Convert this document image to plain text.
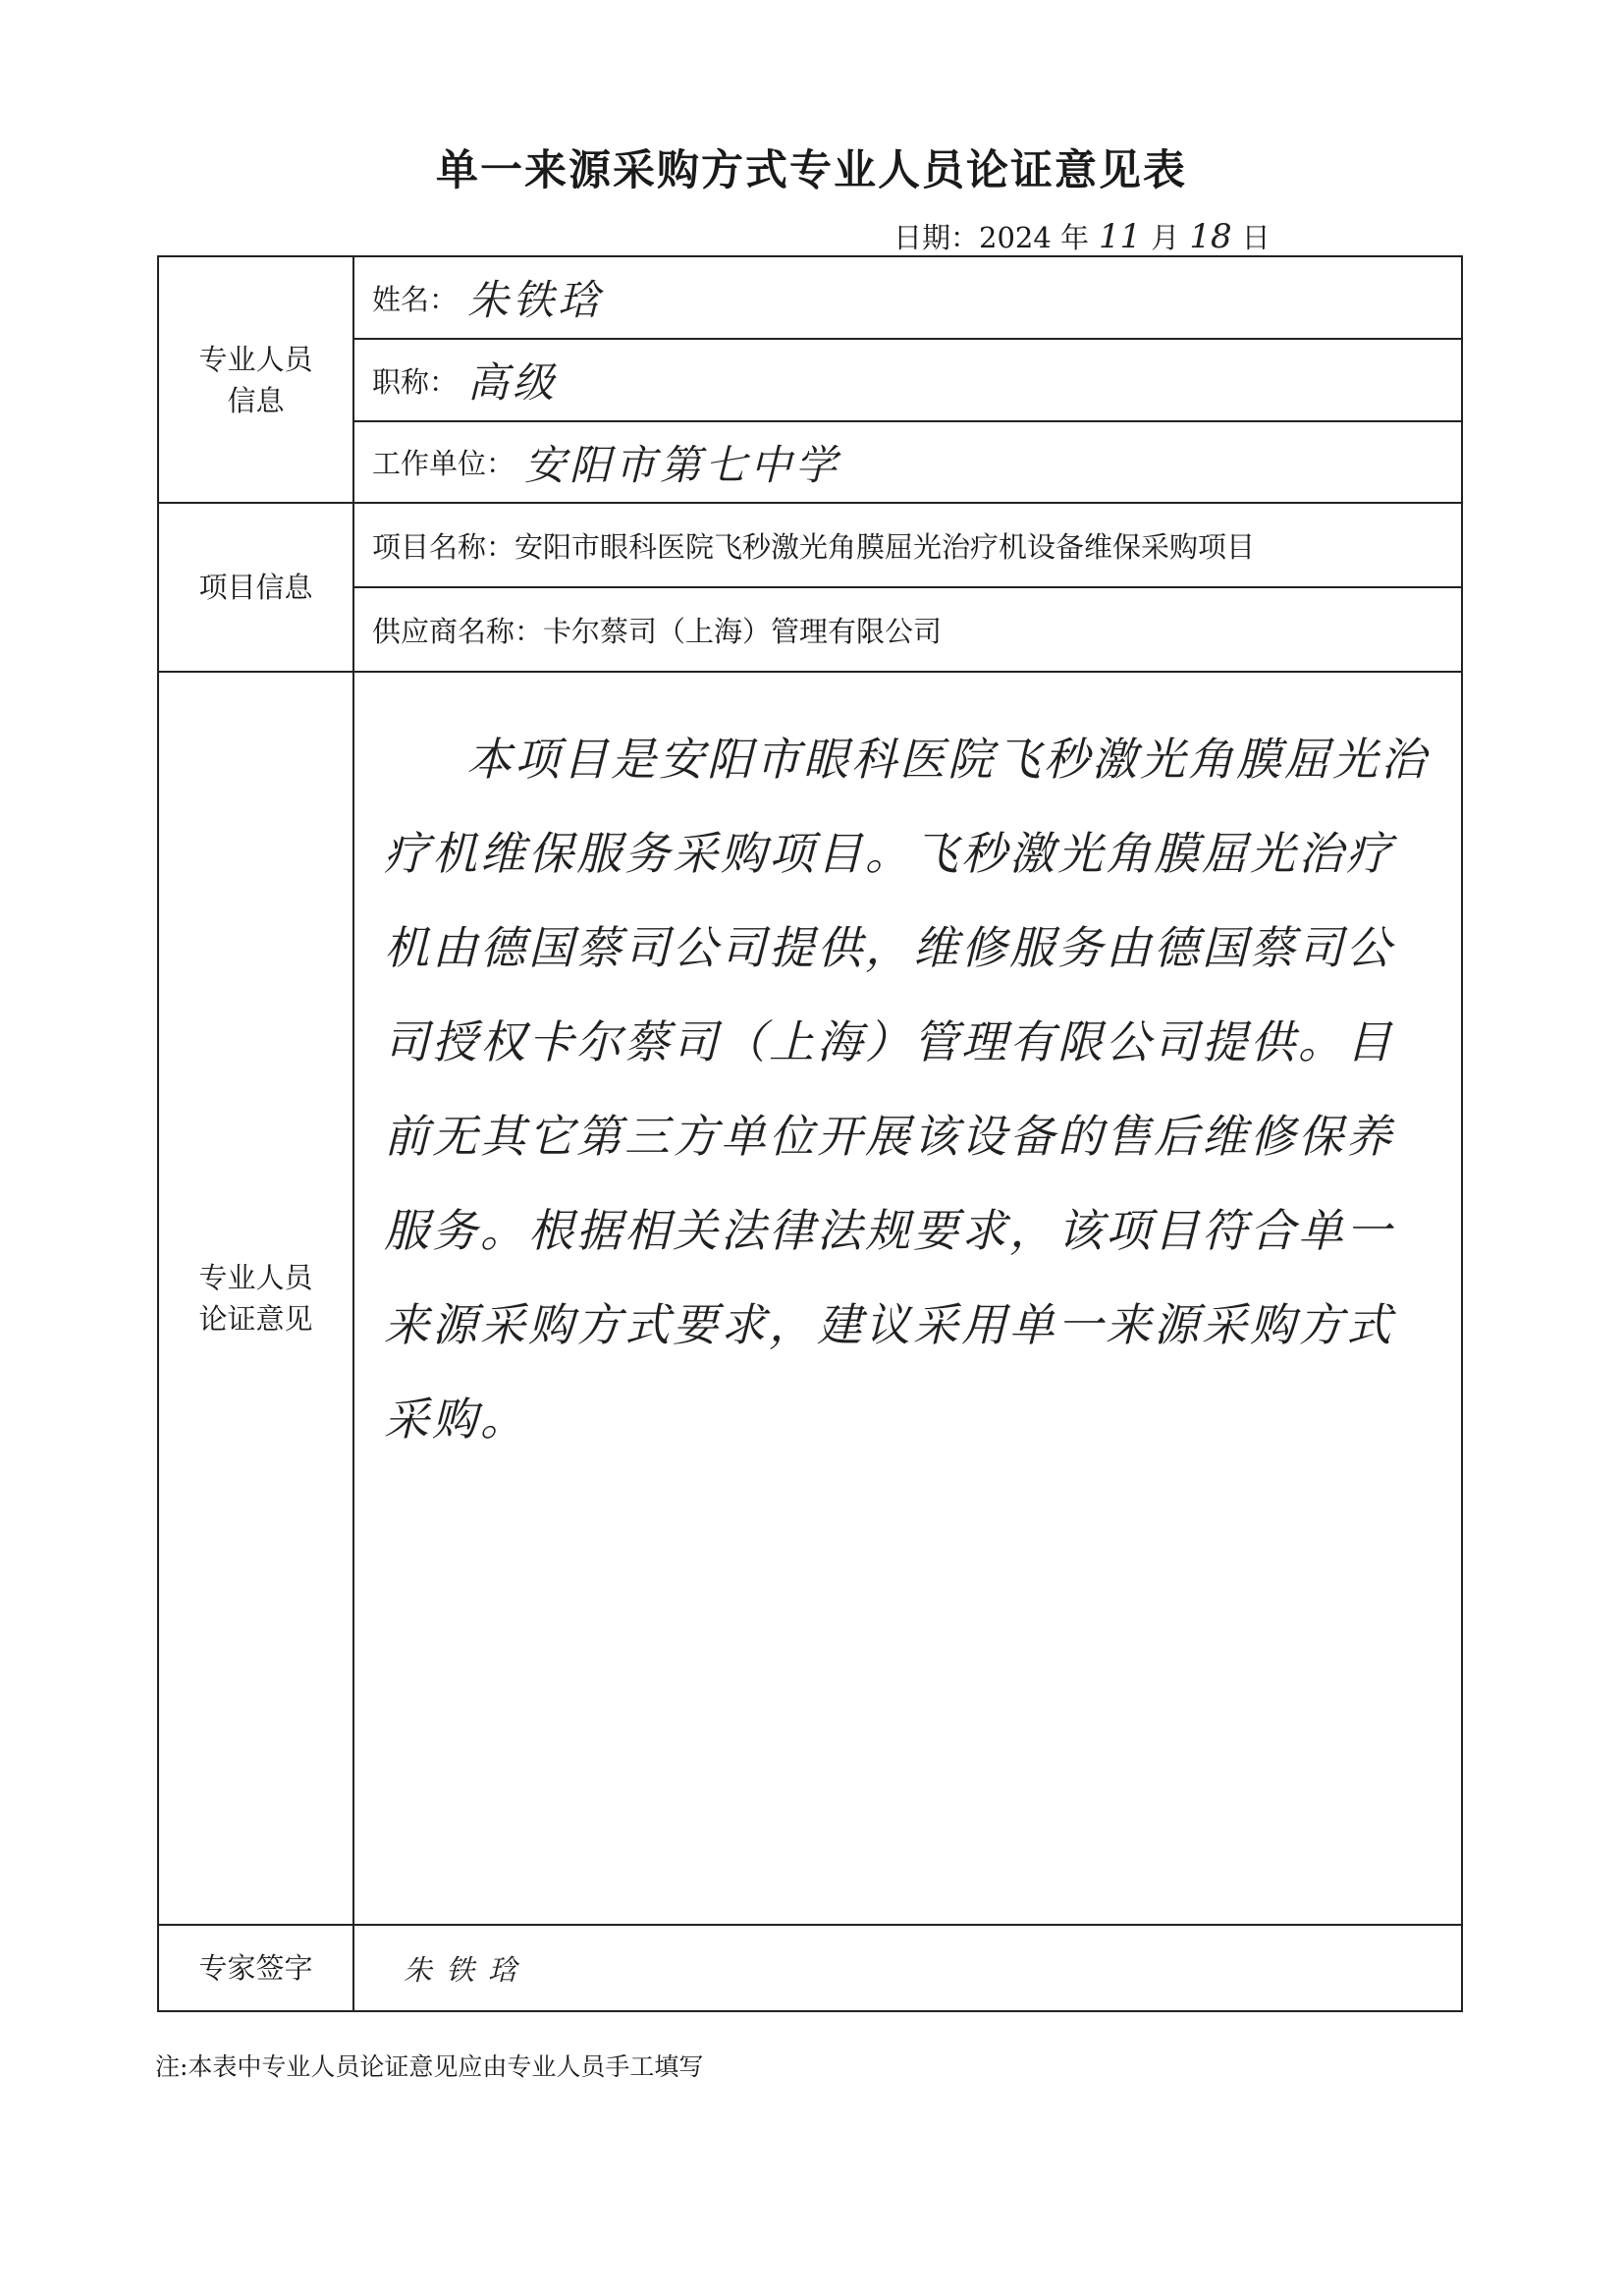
单一来源采购方式专业人员论证意见表
日期：2024 年 11 月 18 日
专业人员
信息	姓名： 朱铁琀

	职称： 高级

	工作单位： 安阳市第七中学

项目信息	项目名称：安阳市眼科医院飞秒激光角膜屈光治疗机设备维保采购项目
	供应商名称：卡尔蔡司（上海）管理有限公司

专业人员
论证意见	本项目是安阳市眼科医院飞秒激光角膜屈光治疗机维保服务采购项目。飞秒激光角膜屈光治疗机由德国蔡司公司提供，维修服务由德国蔡司公司授权卡尔蔡司（上海）管理有限公司提供。目前无其它第三方单位开展该设备的售后维修保养服务。根据相关法律法规要求，该项目符合单一来源采购方式要求，建议采用单一来源采购方式采购。

专家签字	朱铁琀
注:本表中专业人员论证意见应由专业人员手工填写
